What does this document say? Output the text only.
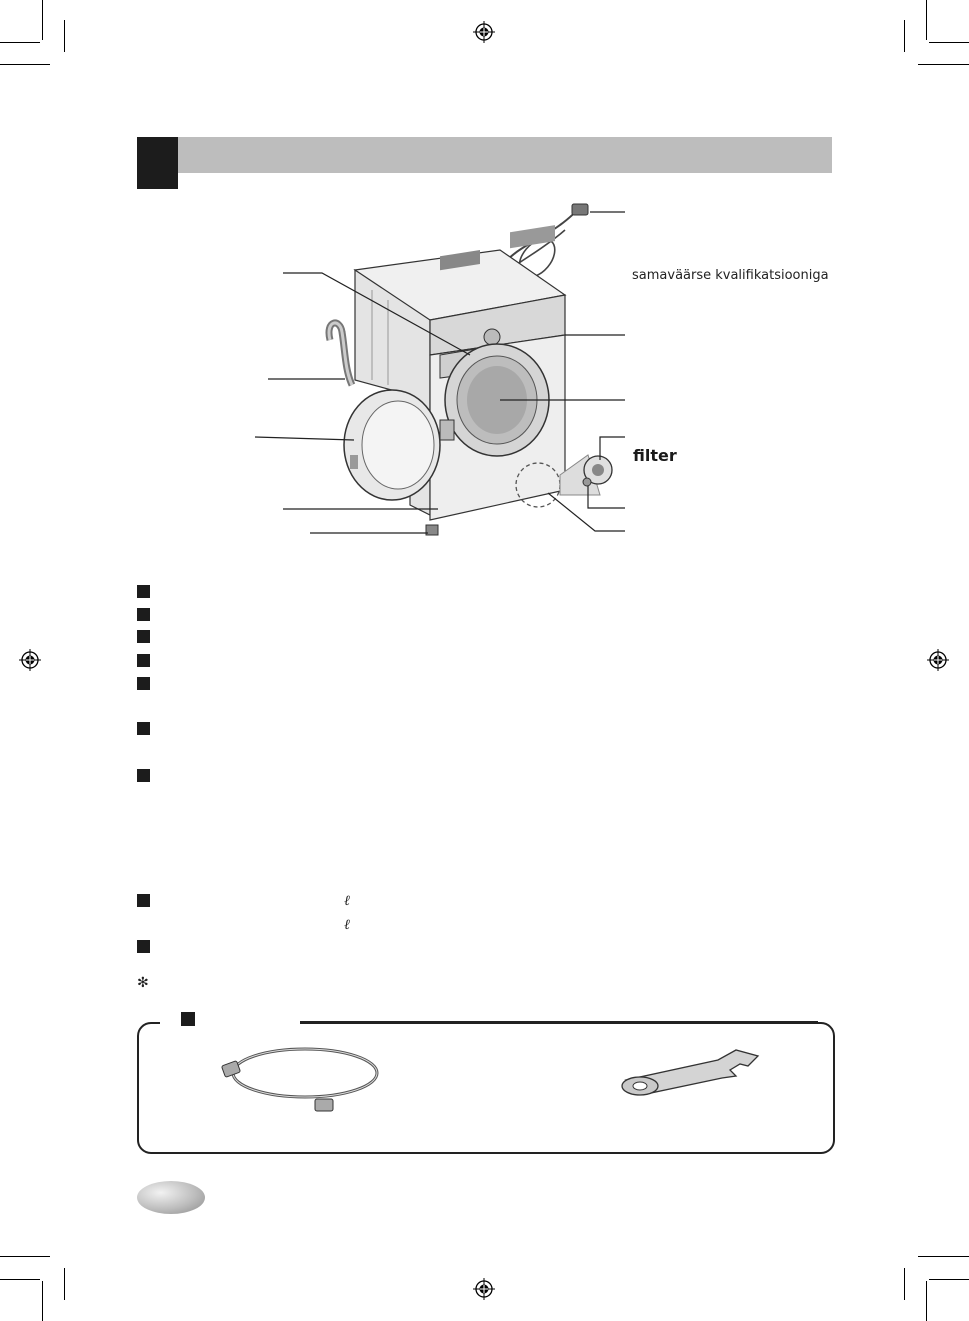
samaväärse kvalifikatsiooniga
filter
ℓ
ℓ
✻
